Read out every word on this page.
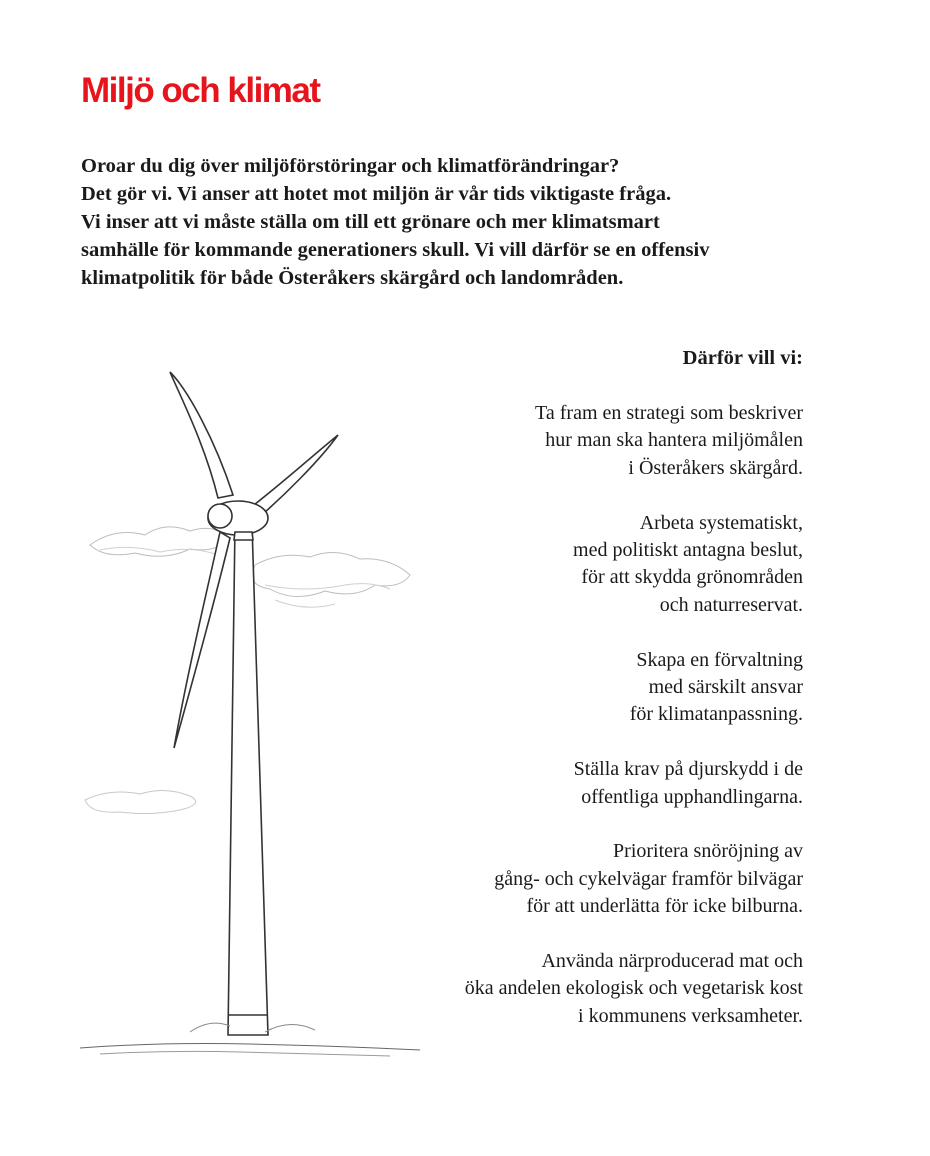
Miljö och klimat
Oroar du dig över miljöförstöringar och klimatförändringar?
Det gör vi. Vi anser att hotet mot miljön är vår tids viktigaste fråga.
Vi inser att vi måste ställa om till ett grönare och mer klimatsmart
samhälle för kommande generationers skull. Vi vill därför se en offensiv
klimatpolitik för både Österåkers skärgård och landområden.
Därför vill vi:
Ta fram en strategi som beskriver
hur man ska hantera miljömålen
i Österåkers skärgård.
Arbeta systematiskt,
med politiskt antagna beslut,
för att skydda grönområden
och naturreservat.
Skapa en förvaltning
med särskilt ansvar
för klimatanpassning.
Ställa krav på djurskydd i de
offentliga upphandlingarna.
Prioritera snöröjning av
gång- och cykelvägar framför bilvägar
för att underlätta för icke bilburna.
Använda närproducerad mat och
öka andelen ekologisk och vegetarisk kost
i kommunens verksamheter.
